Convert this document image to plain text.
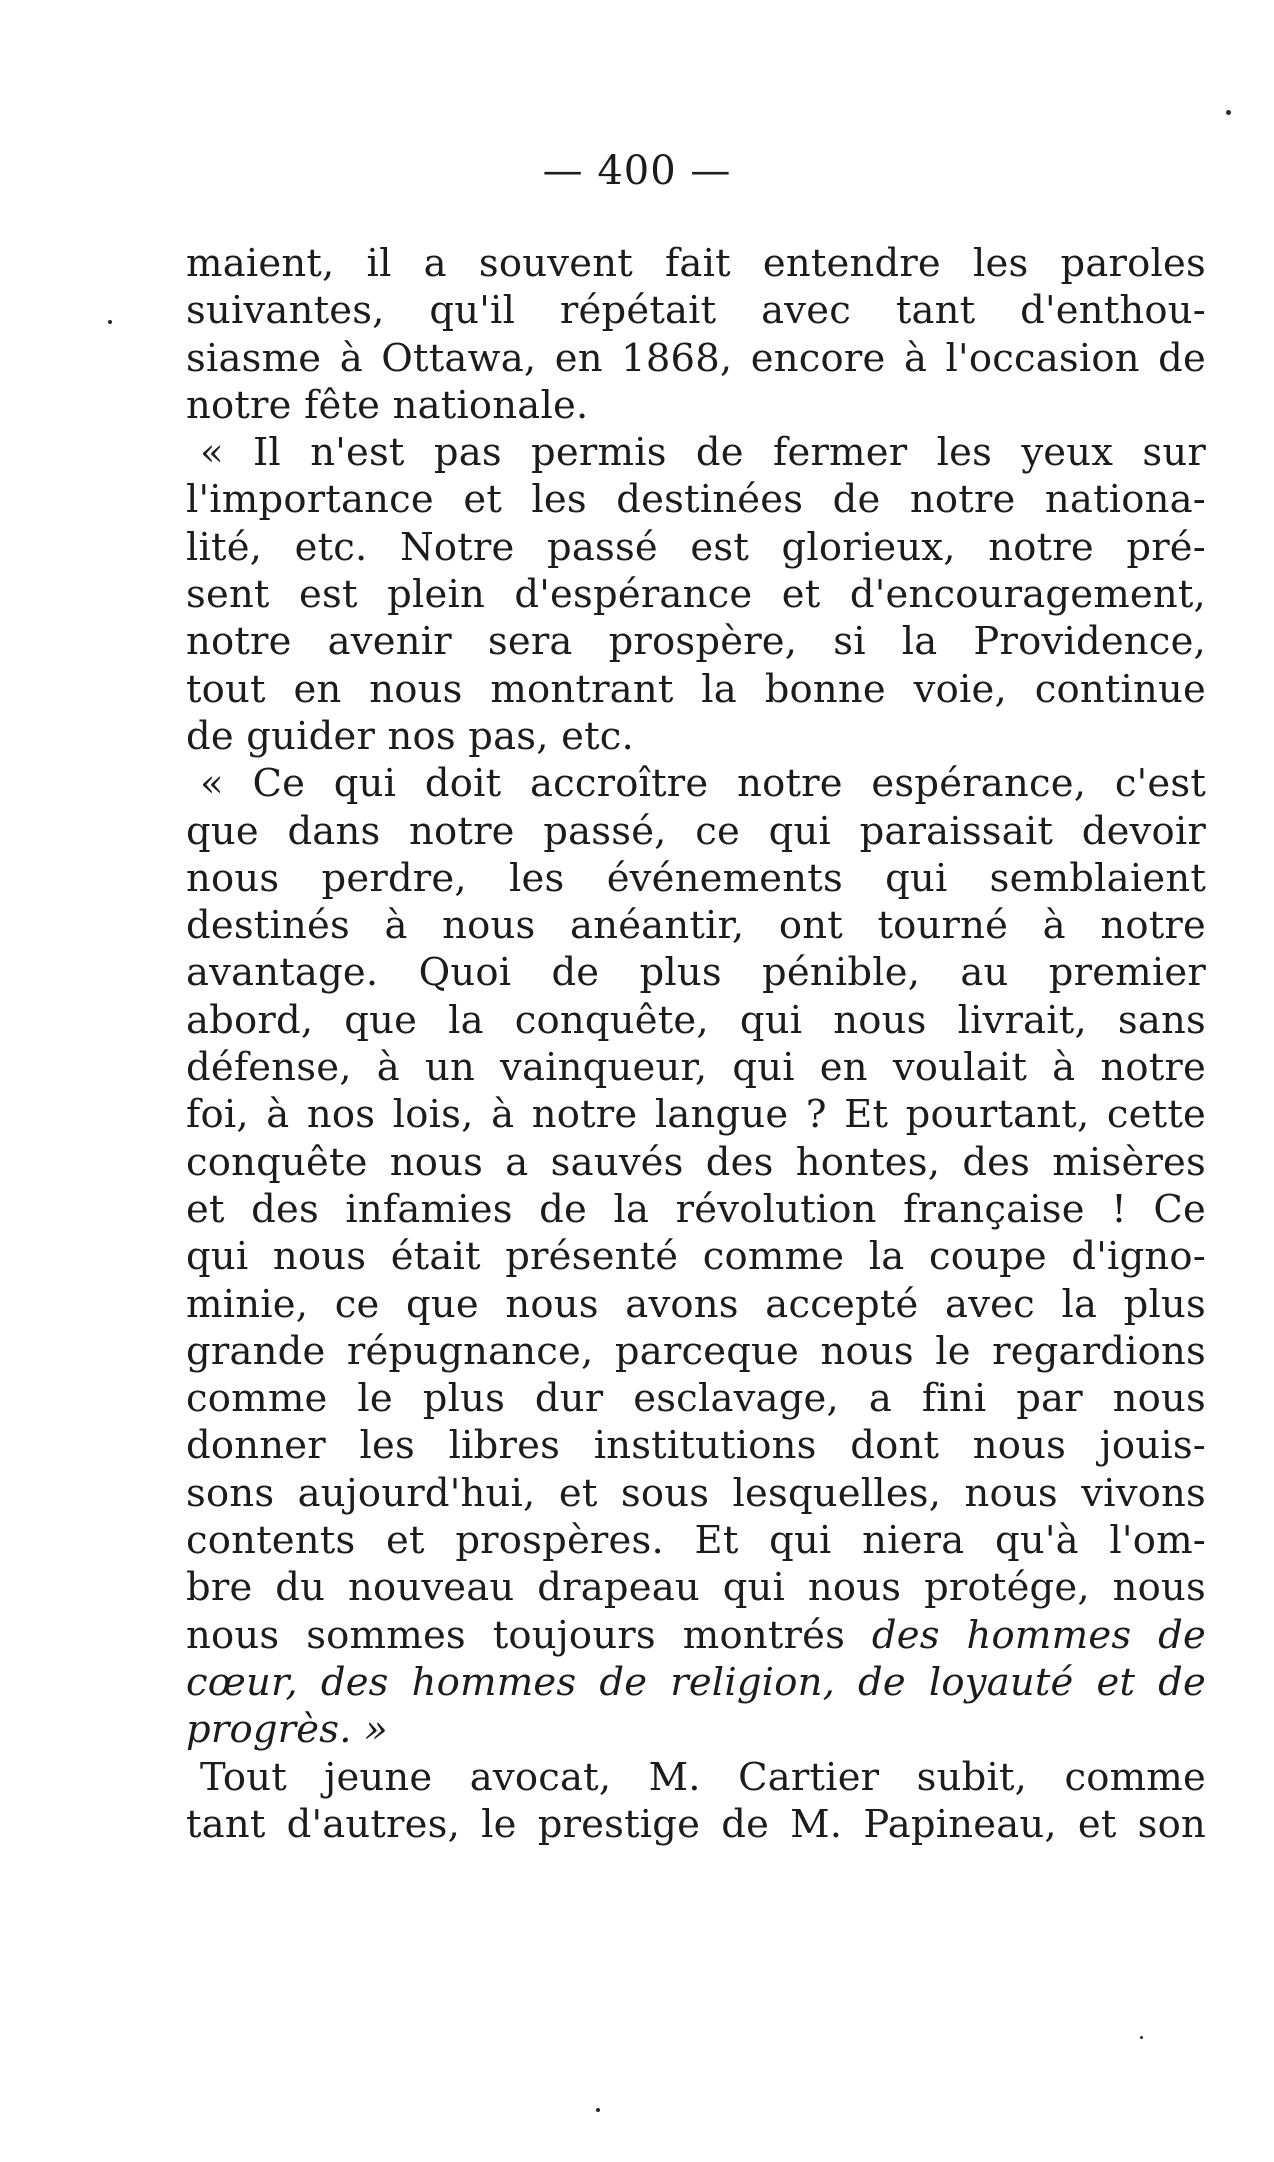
— 400 —
maient, il a souvent fait entendre les paroles
suivantes, qu'il répétait avec tant d'enthou-
siasme à Ottawa, en 1868, encore à l'occasion de
notre fête nationale.
« Il n'est pas permis de fermer les yeux sur
l'importance et les destinées de notre nationa-
lité, etc. Notre passé est glorieux, notre pré-
sent est plein d'espérance et d'encouragement,
notre avenir sera prospère, si la Providence,
tout en nous montrant la bonne voie, continue
de guider nos pas, etc.
« Ce qui doit accroître notre espérance, c'est
que dans notre passé, ce qui paraissait devoir
nous perdre, les événements qui semblaient
destinés à nous anéantir, ont tourné à notre
avantage. Quoi de plus pénible, au premier
abord, que la conquête, qui nous livrait, sans
défense, à un vainqueur, qui en voulait à notre
foi, à nos lois, à notre langue ? Et pourtant, cette
conquête nous a sauvés des hontes, des misères
et des infamies de la révolution française ! Ce
qui nous était présenté comme la coupe d'igno-
minie, ce que nous avons accepté avec la plus
grande répugnance, parceque nous le regardions
comme le plus dur esclavage, a fini par nous
donner les libres institutions dont nous jouis-
sons aujourd'hui, et sous lesquelles, nous vivons
contents et prospères. Et qui niera qu'à l'om-
bre du nouveau drapeau qui nous protége, nous
nous sommes toujours montrés des hommes de
cœur, des hommes de religion, de loyauté et de
progrès. »
Tout jeune avocat, M. Cartier subit, comme
tant d'autres, le prestige de M. Papineau, et son
